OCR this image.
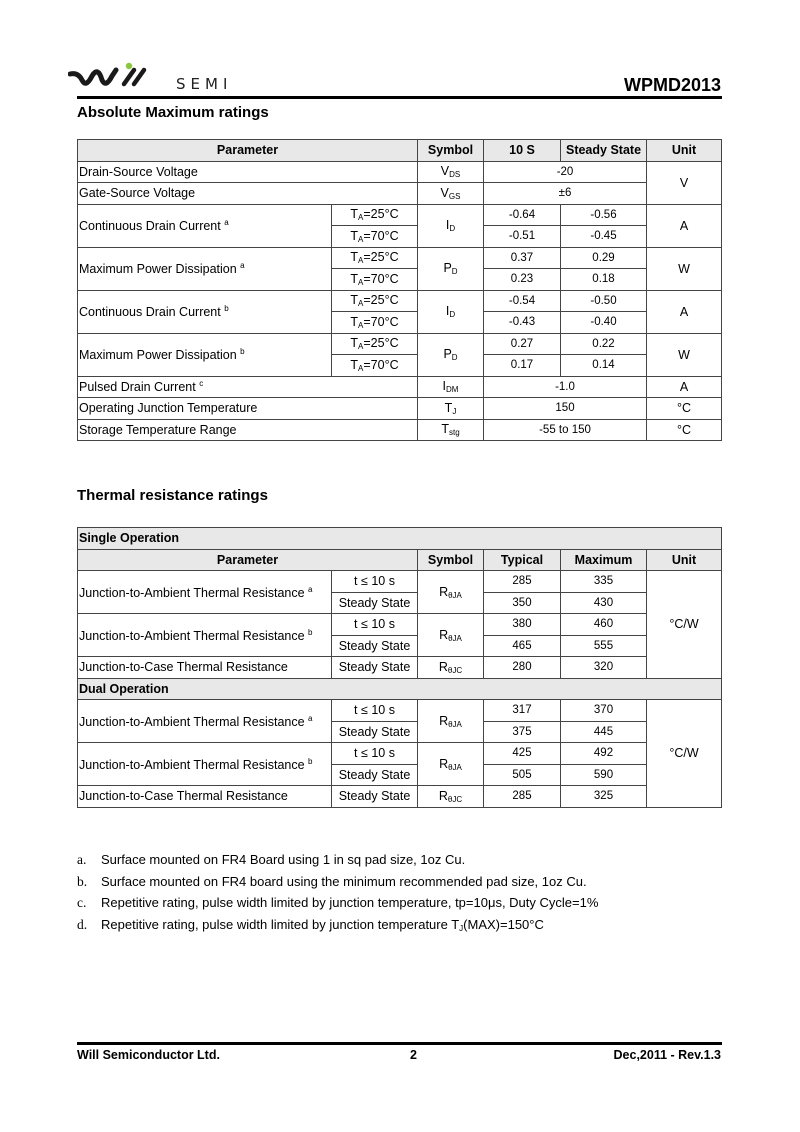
SEMI	WPMD2013
Absolute Maximum ratings
Parameter		Symbol	10 S	Steady State	Unit
Drain-Source Voltage		$V_{DS}$	-20		V
Gate-Source Voltage		$V_{GS}$	±6		
Continuous Drain Current $^a$	$T_A=25^\circ C$	$I_D$	-0.64	-0.56	A
	$T_A=70^\circ C$		-0.51	-0.45	
Maximum Power Dissipation $^a$	$T_A=25^\circ C$	$P_D$	0.37	0.29	W
	$T_A=70^\circ C$		0.23	0.18	
Continuous Drain Current $^b$	$T_A=25^\circ C$	$I_D$	-0.54	-0.50	A
	$T_A=70^\circ C$		-0.43	-0.40	
Maximum Power Dissipation $^b$	$T_A=25^\circ C$	$P_D$	0.27	0.22	W
	$T_A=70^\circ C$		0.17	0.14	
Pulsed Drain Current $^c$		$I_{DM}$	-1.0		A
Operating Junction Temperature		$T_J$	150		°C
Storage Temperature Range		$T_{stg}$	-55 to 150		°C
Thermal resistance ratings
Single Operation					
Parameter		Symbol	Typical	Maximum	Unit
Junction-to-Ambient Thermal Resistance $^a$	t ≤ 10 s	$R_{\theta JA}$	285	335	°C/W
	Steady State		350	430	
Junction-to-Ambient Thermal Resistance $^b$	t ≤ 10 s	$R_{\theta JA}$	380	460	
	Steady State		465	555	
Junction-to-Case Thermal Resistance	Steady State	$R_{\theta JC}$	280	320	
Dual Operation					
Junction-to-Ambient Thermal Resistance $^a$	t ≤ 10 s	$R_{\theta JA}$	317	370	°C/W
	Steady State		375	445	
Junction-to-Ambient Thermal Resistance $^b$	t ≤ 10 s	$R_{\theta JA}$	425	492	
	Steady State		505	590	
Junction-to-Case Thermal Resistance	Steady State	$R_{\theta JC}$	285	325	
a.	Surface mounted on FR4 Board using 1 in sq pad size, 1oz Cu.
b.	Surface mounted on FR4 board using the minimum recommended pad size, 1oz Cu.
c.	Repetitive rating, pulse width limited by junction temperature, tp=10μs, Duty Cycle=1%
d.	Repetitive rating, pulse width limited by junction temperature $T_J(MAX)=150^\circ C$
Will Semiconductor Ltd.	2	Dec,2011 - Rev.1.3
